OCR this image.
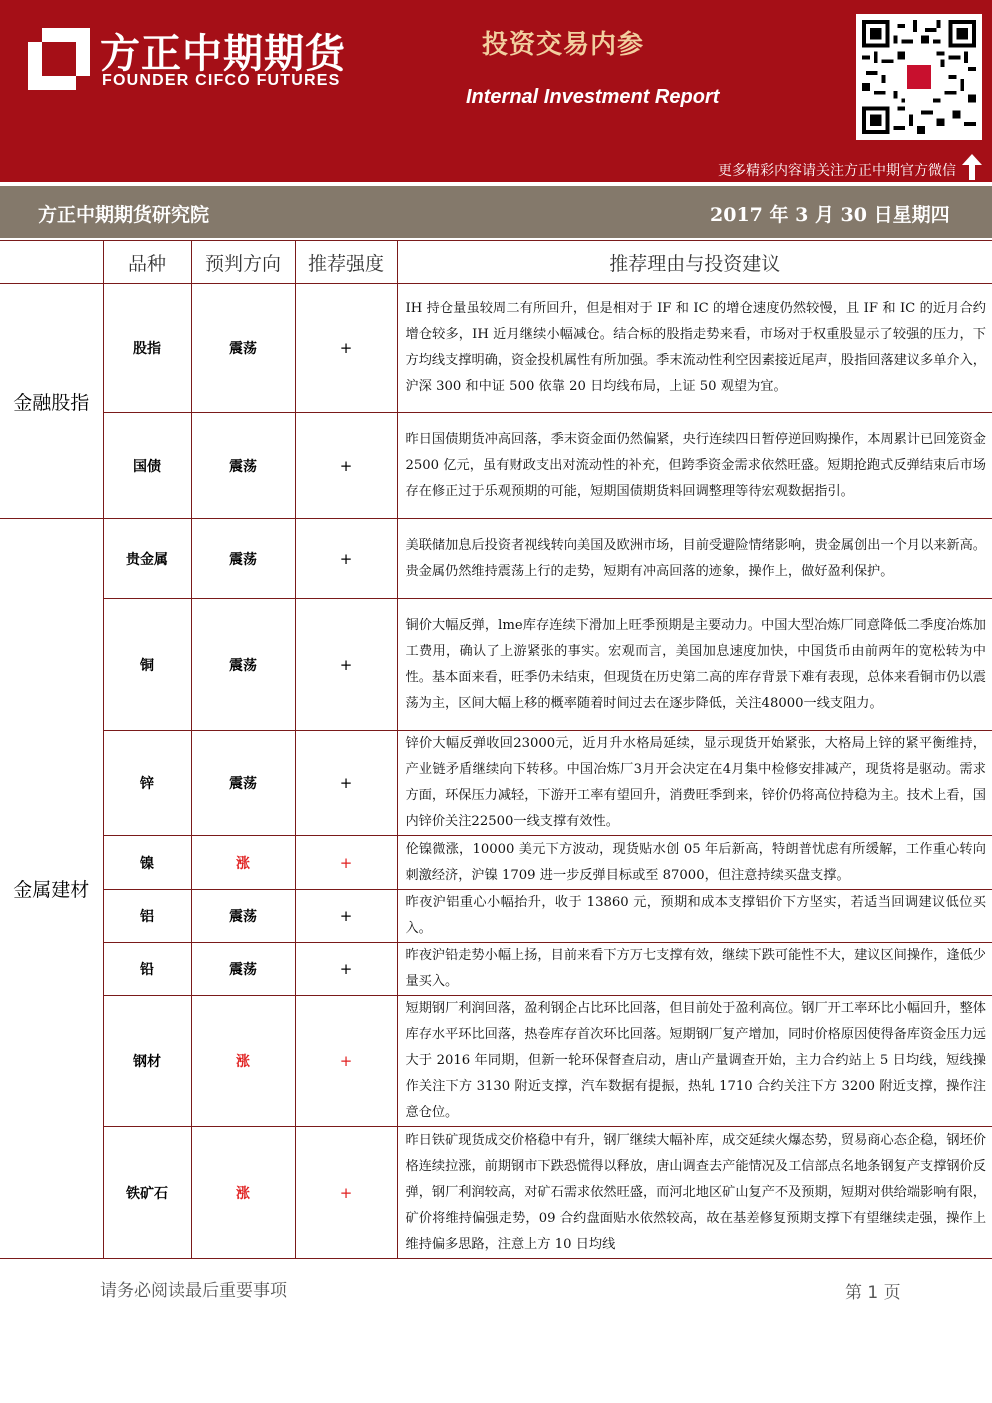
方正中期期货
FOUNDER CIFCO FUTURES
投资交易内参
Internal Investment Report
更多精彩内容请关注方正中期官方微信
方正中期期货研究院	2017 年 3 月 30 日星期四
	品种	预判方向	推荐强度	推荐理由与投资建议
金融股指	股指	震荡	+	IH 持仓量虽较周二有所回升，但是相对于 IF 和 IC 的增仓速度仍然较慢，且 IF 和 IC 的近月合约增仓较多，IH 近月继续小幅减仓。结合标的股指走势来看，市场对于权重股显示了较强的压力，下方均线支撑明确，资金投机属性有所加强。季末流动性利空因素接近尾声，股指回落建议多单介入，沪深 300 和中证 500 依靠 20 日均线布局，上证 50 观望为宜。
	国债	震荡	+	昨日国债期货冲高回落，季末资金面仍然偏紧，央行连续四日暂停逆回购操作，本周累计已回笼资金 2500 亿元，虽有财政支出对流动性的补充，但跨季资金需求依然旺盛。短期抢跑式反弹结束后市场存在修正过于乐观预期的可能，短期国债期货料回调整理等待宏观数据指引。
金属建材	贵金属	震荡	+	美联储加息后投资者视线转向美国及欧洲市场，目前受避险情绪影响，贵金属创出一个月以来新高。贵金属仍然维持震荡上行的走势，短期有冲高回落的迹象，操作上，做好盈利保护。
	铜	震荡	+	铜价大幅反弹，lme库存连续下滑加上旺季预期是主要动力。中国大型冶炼厂同意降低二季度冶炼加工费用，确认了上游紧张的事实。宏观而言，美国加息速度加快，中国货币由前两年的宽松转为中性。基本面来看，旺季仍未结束，但现货在历史第二高的库存背景下难有表现，总体来看铜市仍以震荡为主，区间大幅上移的概率随着时间过去在逐步降低，关注48000一线支阻力。
	锌	震荡	+	锌价大幅反弹收回23000元，近月升水格局延续，显示现货开始紧张，大格局上锌的紧平衡维持，产业链矛盾继续向下转移。中国冶炼厂3月开会决定在4月集中检修安排减产，现货将是驱动。需求方面，环保压力减轻，下游开工率有望回升，消费旺季到来，锌价仍将高位持稳为主。技术上看，国内锌价关注22500一线支撑有效性。
	镍	涨	+	伦镍微涨，10000 美元下方波动，现货贴水创 05 年后新高，特朗普忧虑有所缓解，工作重心转向刺激经济，沪镍 1709 进一步反弹目标或至 87000，但注意持续买盘支撑。
	铝	震荡	+	昨夜沪铝重心小幅抬升，收于 13860 元，预期和成本支撑铝价下方坚实，若适当回调建议低位买入。
	铅	震荡	+	昨夜沪铅走势小幅上扬，目前来看下方万七支撑有效，继续下跌可能性不大，建议区间操作，逢低少量买入。
	钢材	涨	+	短期钢厂利润回落，盈利钢企占比环比回落，但目前处于盈利高位。钢厂开工率环比小幅回升，整体库存水平环比回落，热卷库存首次环比回落。短期钢厂复产增加，同时价格原因使得备库资金压力远大于 2016 年同期，但新一轮环保督查启动，唐山产量调查开始，主力合约站上 5 日均线，短线操作关注下方 3130 附近支撑，汽车数据有提振，热轧 1710 合约关注下方 3200 附近支撑，操作注意仓位。
	铁矿石	涨	+	昨日铁矿现货成交价格稳中有升，钢厂继续大幅补库，成交延续火爆态势，贸易商心态企稳，钢坯价格连续拉涨，前期钢市下跌恐慌得以释放，唐山调查去产能情况及工信部点名地条钢复产支撑钢价反弹，钢厂利润较高，对矿石需求依然旺盛，而河北地区矿山复产不及预期，短期对供给端影响有限，矿价将维持偏强走势，09 合约盘面贴水依然较高，故在基差修复预期支撑下有望继续走强，操作上维持偏多思路，注意上方 10 日均线
请务必阅读最后重要事项	第 1 页
